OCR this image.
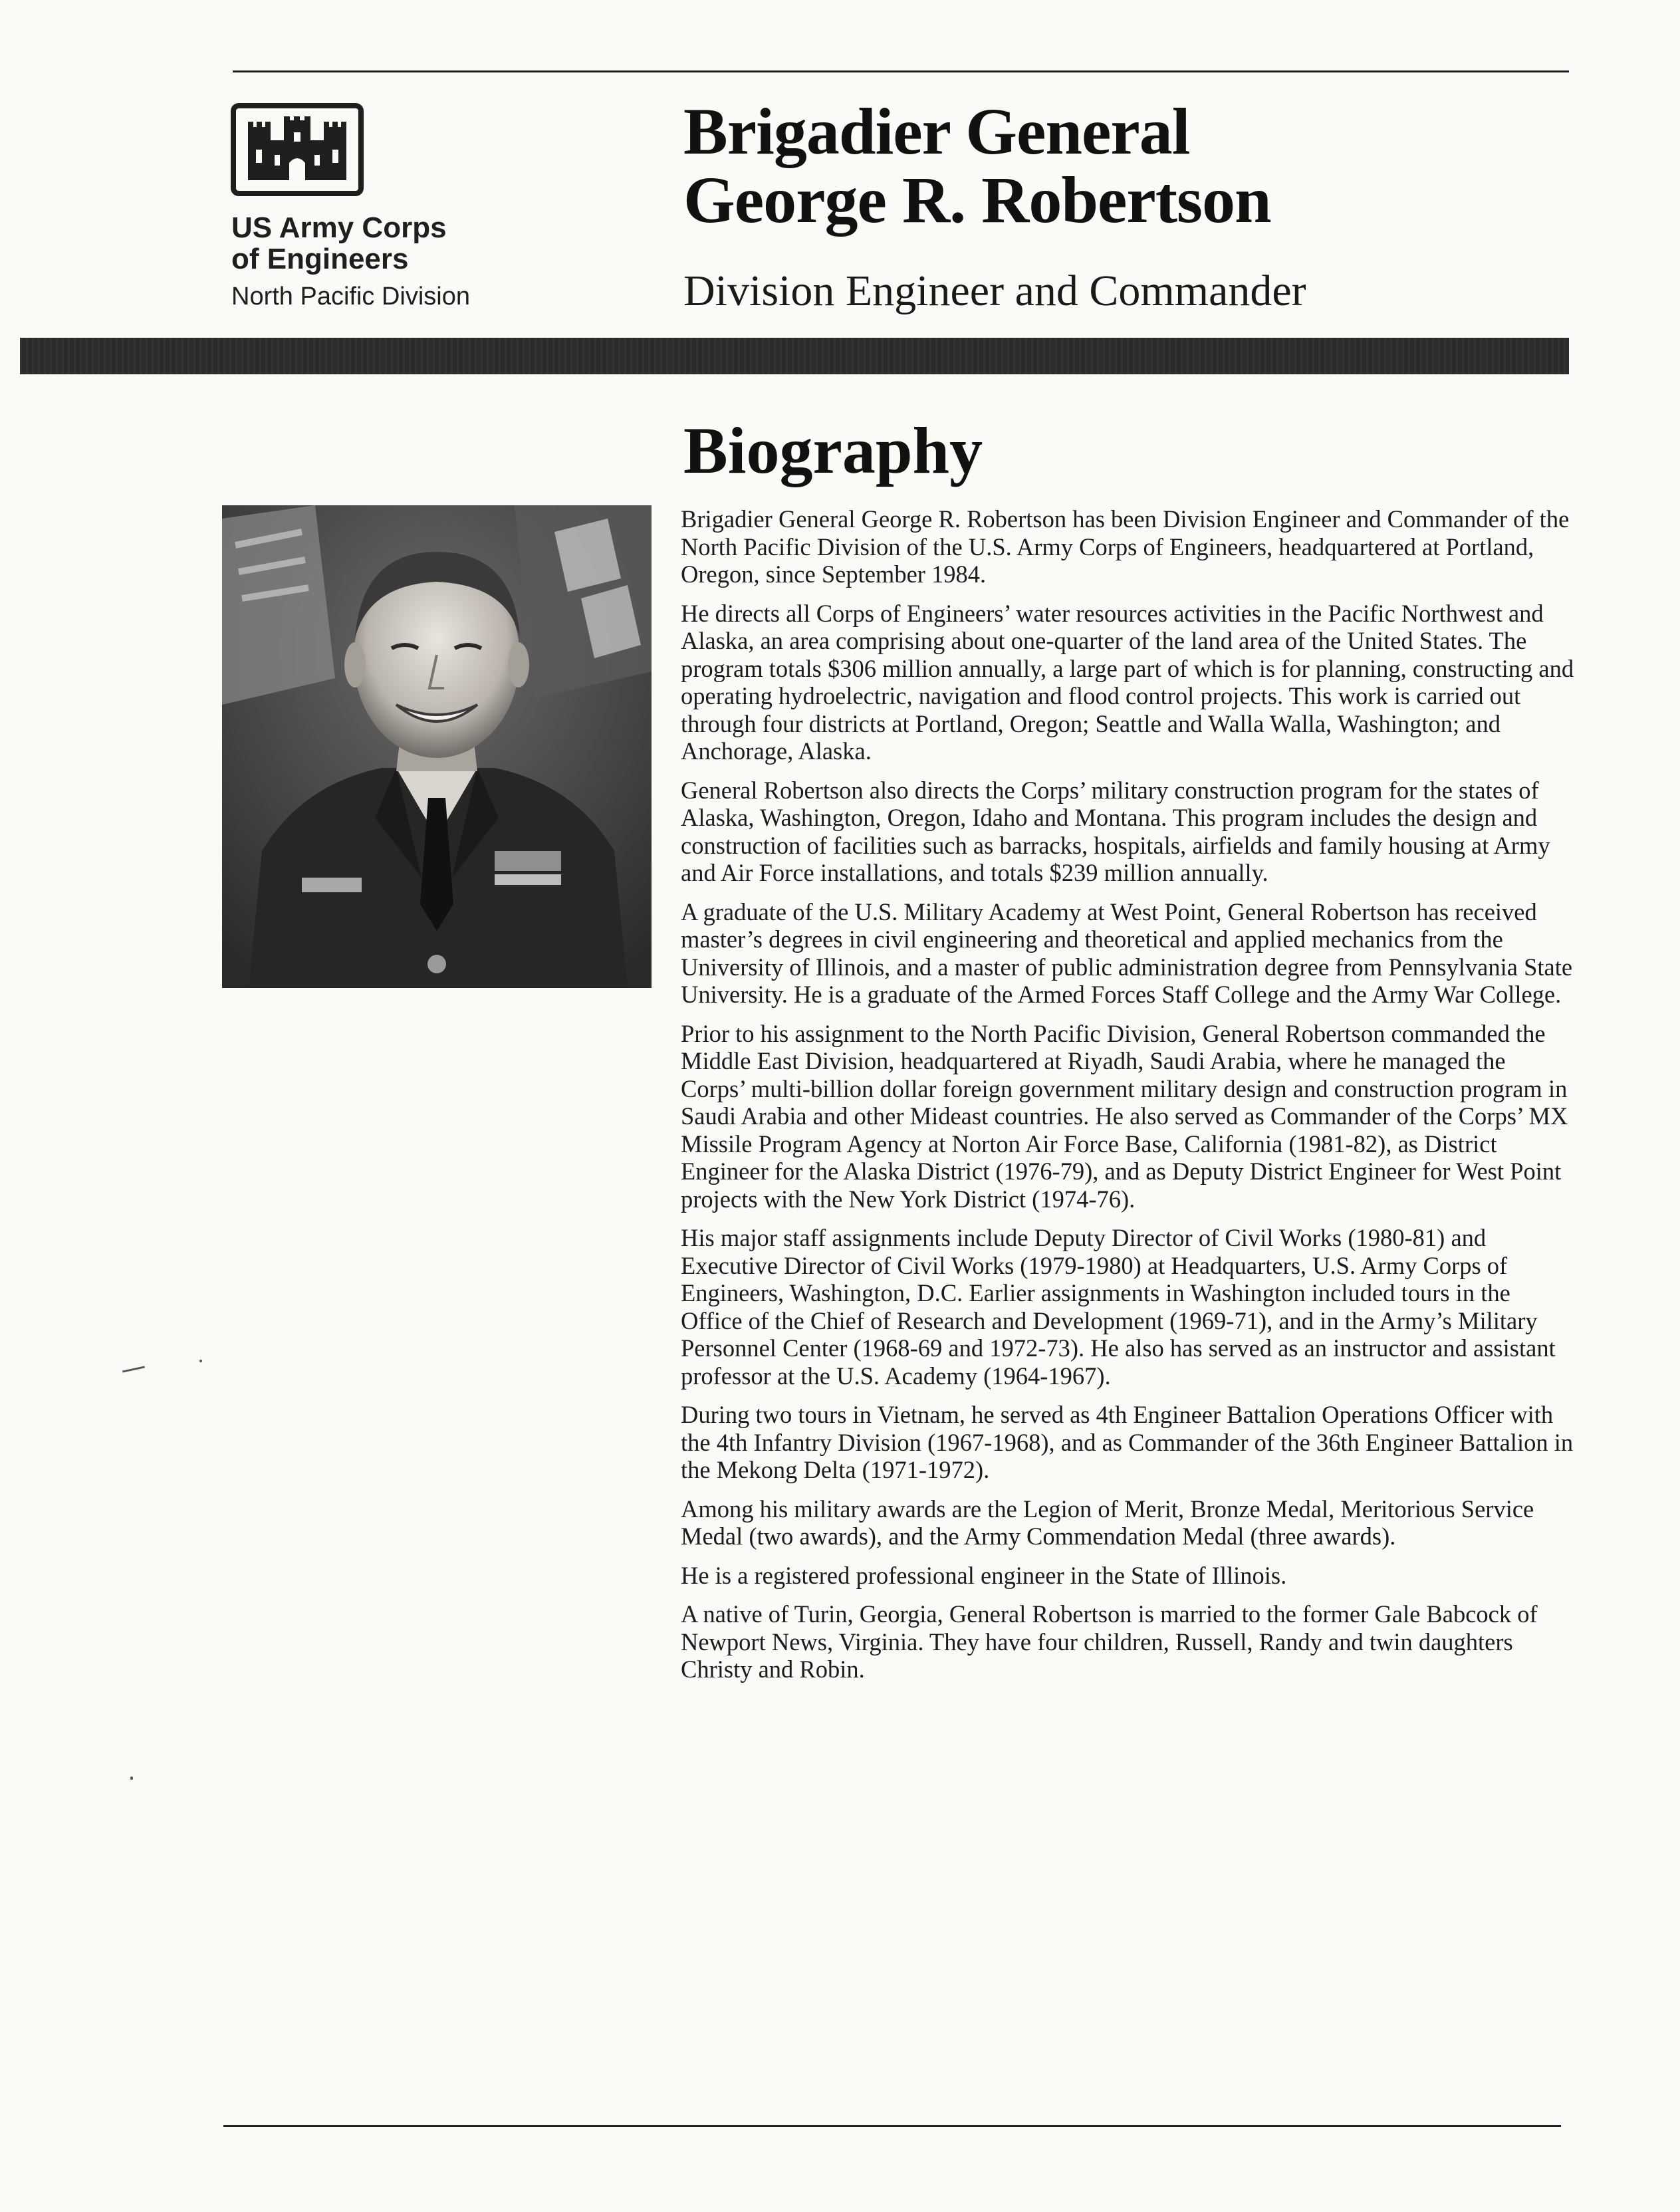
US Army Corps
of Engineers
North Pacific Division
Brigadier General
George R. Robertson
Division Engineer and Commander
Biography

Brigadier General George R. Robertson has been Division Engineer and Commander of the North Pacific Division of the U.S. Army Corps of Engineers, headquartered at Portland, Oregon, since September 1984.

He directs all Corps of Engineers’ water resources activities in the Pacific Northwest and Alaska, an area comprising about one-quarter of the land area of the United States. The program totals $306 million annually, a large part of which is for planning, constructing and operating hydroelectric, navigation and flood control projects. This work is carried out through four districts at Portland, Oregon; Seattle and Walla Walla, Washington; and Anchorage, Alaska.

General Robertson also directs the Corps’ military construction program for the states of Alaska, Washington, Oregon, Idaho and Montana. This program includes the design and construction of facilities such as barracks, hospitals, airfields and family housing at Army and Air Force installations, and totals $239 million annually.

A graduate of the U.S. Military Academy at West Point, General Robertson has received master’s degrees in civil engineering and theoretical and applied mechanics from the University of Illinois, and a master of public administration degree from Pennsylvania State University. He is a graduate of the Armed Forces Staff College and the Army War College.

Prior to his assignment to the North Pacific Division, General Robertson commanded the Middle East Division, headquartered at Riyadh, Saudi Arabia, where he managed the Corps’ multi-billion dollar foreign government military design and construction program in Saudi Arabia and other Mideast countries. He also served as Commander of the Corps’ MX Missile Program Agency at Norton Air Force Base, California (1981-82), as District Engineer for the Alaska District (1976-79), and as Deputy District Engineer for West Point projects with the New York District (1974-76).

His major staff assignments include Deputy Director of Civil Works (1980-81) and Executive Director of Civil Works (1979-1980) at Headquarters, U.S. Army Corps of Engineers, Washington, D.C. Earlier assignments in Washington included tours in the Office of the Chief of Research and Development (1969-71), and in the Army’s Military Personnel Center (1968-69 and 1972-73). He also has served as an instructor and assistant professor at the U.S. Academy (1964-1967).

During two tours in Vietnam, he served as 4th Engineer Battalion Operations Officer with the 4th Infantry Division (1967-1968), and as Commander of the 36th Engineer Battalion in the Mekong Delta (1971-1972).

Among his military awards are the Legion of Merit, Bronze Medal, Meritorious Service Medal (two awards), and the Army Commendation Medal (three awards).

He is a registered professional engineer in the State of Illinois.

A native of Turin, Georgia, General Robertson is married to the former Gale Babcock of Newport News, Virginia. They have four children, Russell, Randy and twin daughters Christy and Robin.
